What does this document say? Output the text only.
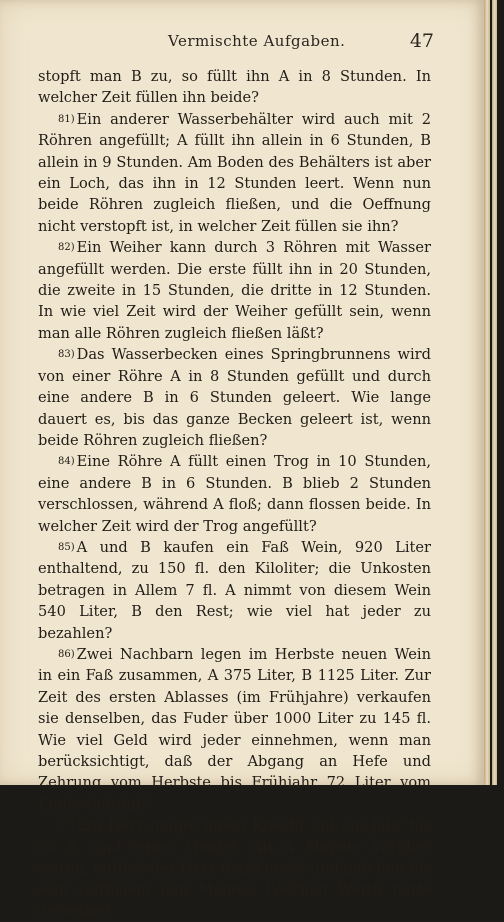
Vermischte Aufgaben.	47

stopft man B zu, so füllt ihn A in 8 Stunden. In welcher Zeit füllen ihn beide?

$^{81)}$ Ein anderer Wasserbehälter wird auch mit 2 Röhren angefüllt; A füllt ihn allein in 6 Stunden, B allein in 9 Stunden. Am Boden des Behälters ist aber ein Loch, das ihn in 12 Stunden leert. Wenn nun beide Röhren zugleich fließen, und die Oeffnung nicht verstopft ist, in welcher Zeit füllen sie ihn?

$^{82)}$ Ein Weiher kann durch 3 Röhren mit Wasser angefüllt werden. Die erste füllt ihn in 20 Stunden, die zweite in 15 Stunden, die dritte in 12 Stunden. In wie viel Zeit wird der Weiher gefüllt sein, wenn man alle Röhren zugleich fließen läßt?

$^{83)}$ Das Wasserbecken eines Springbrunnens wird von einer Röhre A in 8 Stunden gefüllt und durch eine andere B in 6 Stunden geleert. Wie lange dauert es, bis das ganze Becken geleert ist, wenn beide Röhren zugleich fließen?

$^{84)}$ Eine Röhre A füllt einen Trog in 10 Stunden, eine andere B in 6 Stunden. B blieb 2 Stunden verschlossen, während A floß; dann flossen beide. In welcher Zeit wird der Trog angefüllt?

$^{85)}$ A und B kaufen ein Faß Wein, 920 Liter enthaltend, zu 150 fl. den Kiloliter; die Unkosten betragen in Allem 7 fl. A nimmt von diesem Wein 540 Liter, B den Rest; wie viel hat jeder zu bezahlen?

$^{86)}$ Zwei Nachbarn legen im Herbste neuen Wein in ein Faß zusammen, A 375 Liter, B 1125 Liter. Zur Zeit des ersten Ablasses (im Frühjahre) verkaufen sie denselben, das Fuder über 1000 Liter zu 145 fl. Wie viel Geld wird jeder einnehmen, wenn man berücksichtigt, daß der Abgang an Hefe und Zehrung vom Herbste bis Frühjahr 72 Liter vom Fuder beträgt?

$^{87)}$ Ein Herr dingte einen Knecht auf ein Jahr für 56 fl. und einen Mantel. Als 4 Monate vorüber waren, entließ der Herr den Knecht und gab ihm für sein Guthaben den Mantel. Welchen Werth hatte derselbe?
